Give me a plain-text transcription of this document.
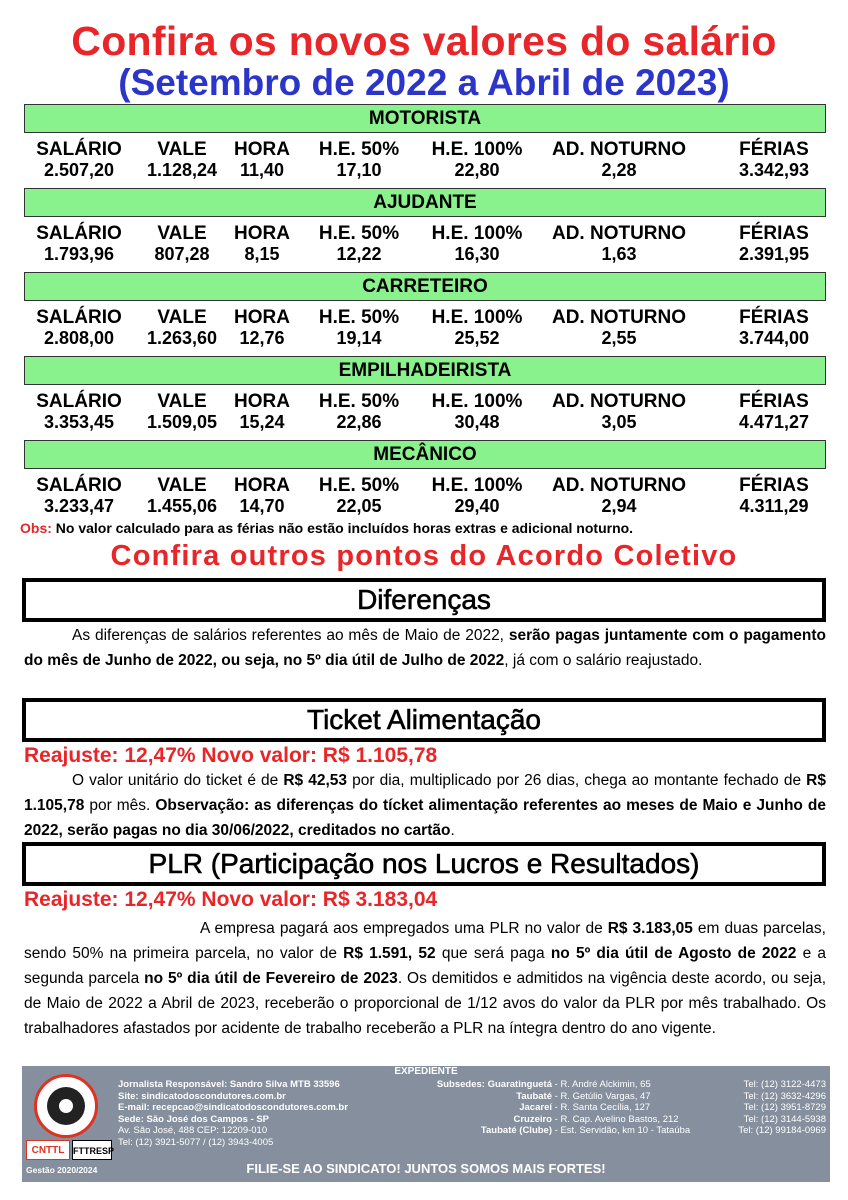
Confira os novos valores do salário
(Setembro de 2022 a Abril de 2023)
MOTORISTA
SALÁRIO	VALE	HORA	H.E. 50%	H.E. 100%	AD. NOTURNO	FÉRIAS
2.507,20	1.128,24	11,40	17,10	22,80	2,28	3.342,93
AJUDANTE
SALÁRIO	VALE	HORA	H.E. 50%	H.E. 100%	AD. NOTURNO	FÉRIAS
1.793,96	807,28	8,15	12,22	16,30	1,63	2.391,95
CARRETEIRO
SALÁRIO	VALE	HORA	H.E. 50%	H.E. 100%	AD. NOTURNO	FÉRIAS
2.808,00	1.263,60	12,76	19,14	25,52	2,55	3.744,00
EMPILHADEIRISTA
SALÁRIO	VALE	HORA	H.E. 50%	H.E. 100%	AD. NOTURNO	FÉRIAS
3.353,45	1.509,05	15,24	22,86	30,48	3,05	4.471,27
MECÂNICO
SALÁRIO	VALE	HORA	H.E. 50%	H.E. 100%	AD. NOTURNO	FÉRIAS
3.233,47	1.455,06	14,70	22,05	29,40	2,94	4.311,29
Obs: No valor calculado para as férias não estão incluídos horas extras e adicional noturno.
Confira outros pontos do Acordo Coletivo
Diferenças
As diferenças de salários referentes ao mês de Maio de 2022, serão pagas juntamente com o pagamento do mês de Junho de 2022, ou seja, no 5º dia útil de Julho de 2022, já com o salário reajustado.
Ticket Alimentação
Reajuste: 12,47% Novo valor: R$ 1.105,78
O valor unitário do ticket é de R$ 42,53 por dia, multiplicado por 26 dias, chega ao montante fechado de R$ 1.105,78 por mês. Observação: as diferenças do tícket alimentação referentes ao meses de Maio e Junho de 2022, serão pagas no dia 30/06/2022, creditados no cartão.
PLR (Participação nos Lucros e Resultados)
Reajuste: 12,47% Novo valor: R$ 3.183,04
A empresa pagará aos empregados uma PLR no valor de R$ 3.183,05 em duas parcelas, sendo 50% na primeira parcela, no valor de R$ 1.591, 52 que será paga no 5º dia útil de Agosto de 2022 e a segunda parcela no 5º dia útil de Fevereiro de 2023. Os demitidos e admitidos na vigência deste acordo, ou seja, de Maio de 2022 a Abril de 2023, receberão o proporcional de 1/12 avos do valor da PLR por mês trabalhado. Os trabalhadores afastados por acidente de trabalho receberão a PLR na íntegra dentro do ano vigente.
EXPEDIENTE
CNTTL FTTRESP
Gestão 2020/2024
Jornalista Responsável: Sandro Silva MTB 33596
Site: sindicatodoscondutores.com.br
E-mail: recepcao@sindicatodoscondutores.com.br
Sede: São José dos Campos - SP
Av. São José, 488 CEP: 12209-010
Tel: (12) 3921-5077 / (12) 3943-4005
Subsedes: Guaratinguetá - R. André Alckimin, 65
Taubaté - R. Getúlio Vargas, 47
Jacareí - R. Santa Cecília, 127
Cruzeiro - R. Cap. Avelino Bastos, 212
Taubaté (Clube) - Est. Servidão, km 10 - Tataúba
Tel: (12) 3122-4473
Tel: (12) 3632-4296
Tel: (12) 3951-8729
Tel: (12) 3144-5938
Tel: (12) 99184-0969
FILIE-SE AO SINDICATO! JUNTOS SOMOS MAIS FORTES!
